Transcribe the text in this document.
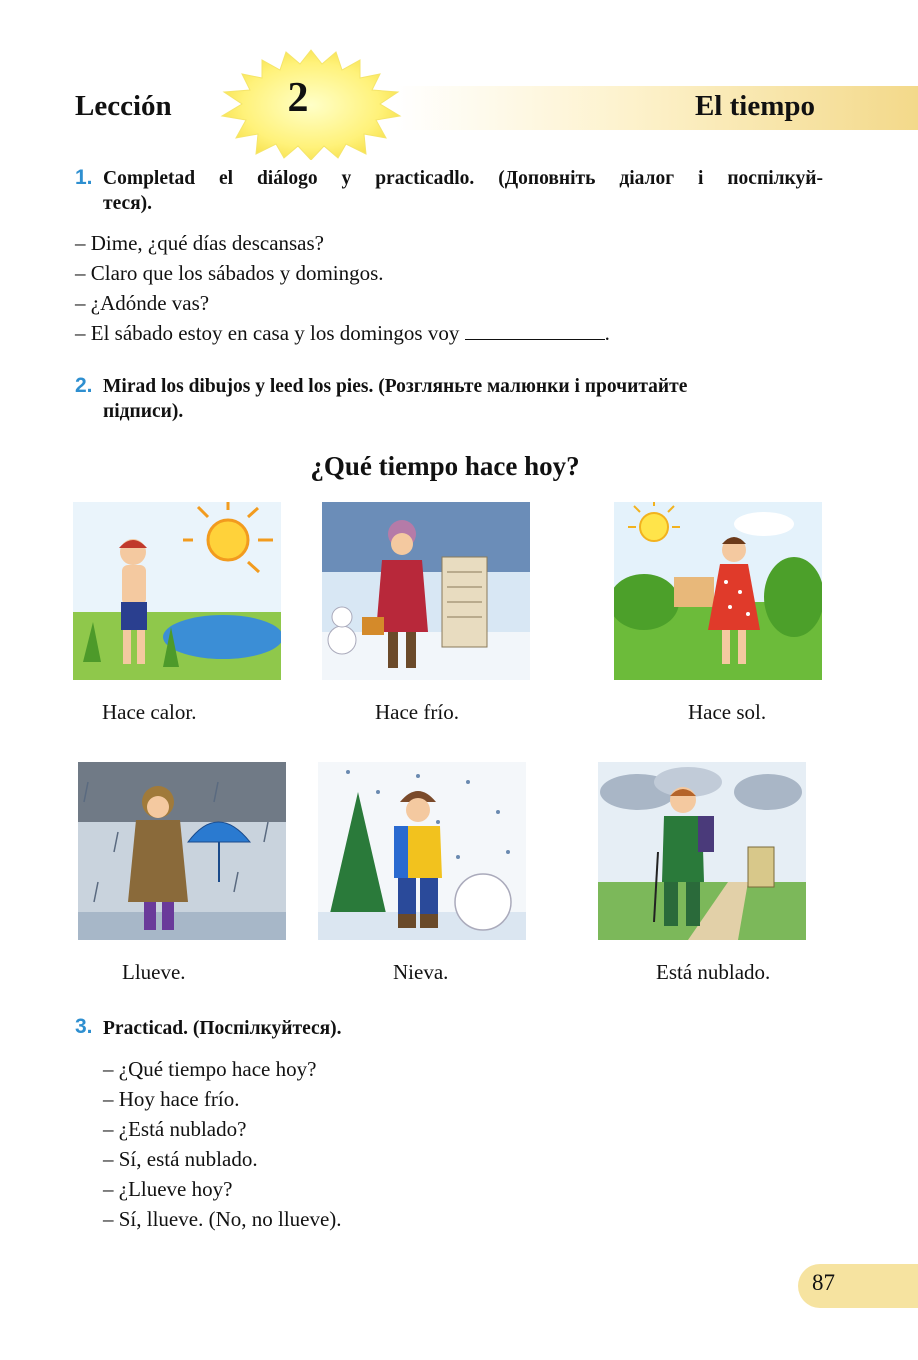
Lección	2	El tiempo
1. Completad el diálogo y practicadlo. (Доповніть діалог і поспілкуй-
теся).
– Dime, ¿qué días descansas?
– Claro que los sábados y domingos.
– ¿Adónde vas?
– El sábado estoy en casa y los domingos voy	.
2. Mirad los dibujos y leed los pies. (Розгляньте малюнки і прочитайте
підписи).
¿Qué tiempo hace hoy?
Hace calor.	Hace frío.	Hace sol.
Llueve.	Nieva.	Está nublado.
3. Practicad. (Поспілкуйтеся).
– ¿Qué tiempo hace hoy?
– Hoy hace frío.
– ¿Está nublado?
– Sí, está nublado.
– ¿Llueve hoy?
– Sí, llueve. (No, no llueve).
87
